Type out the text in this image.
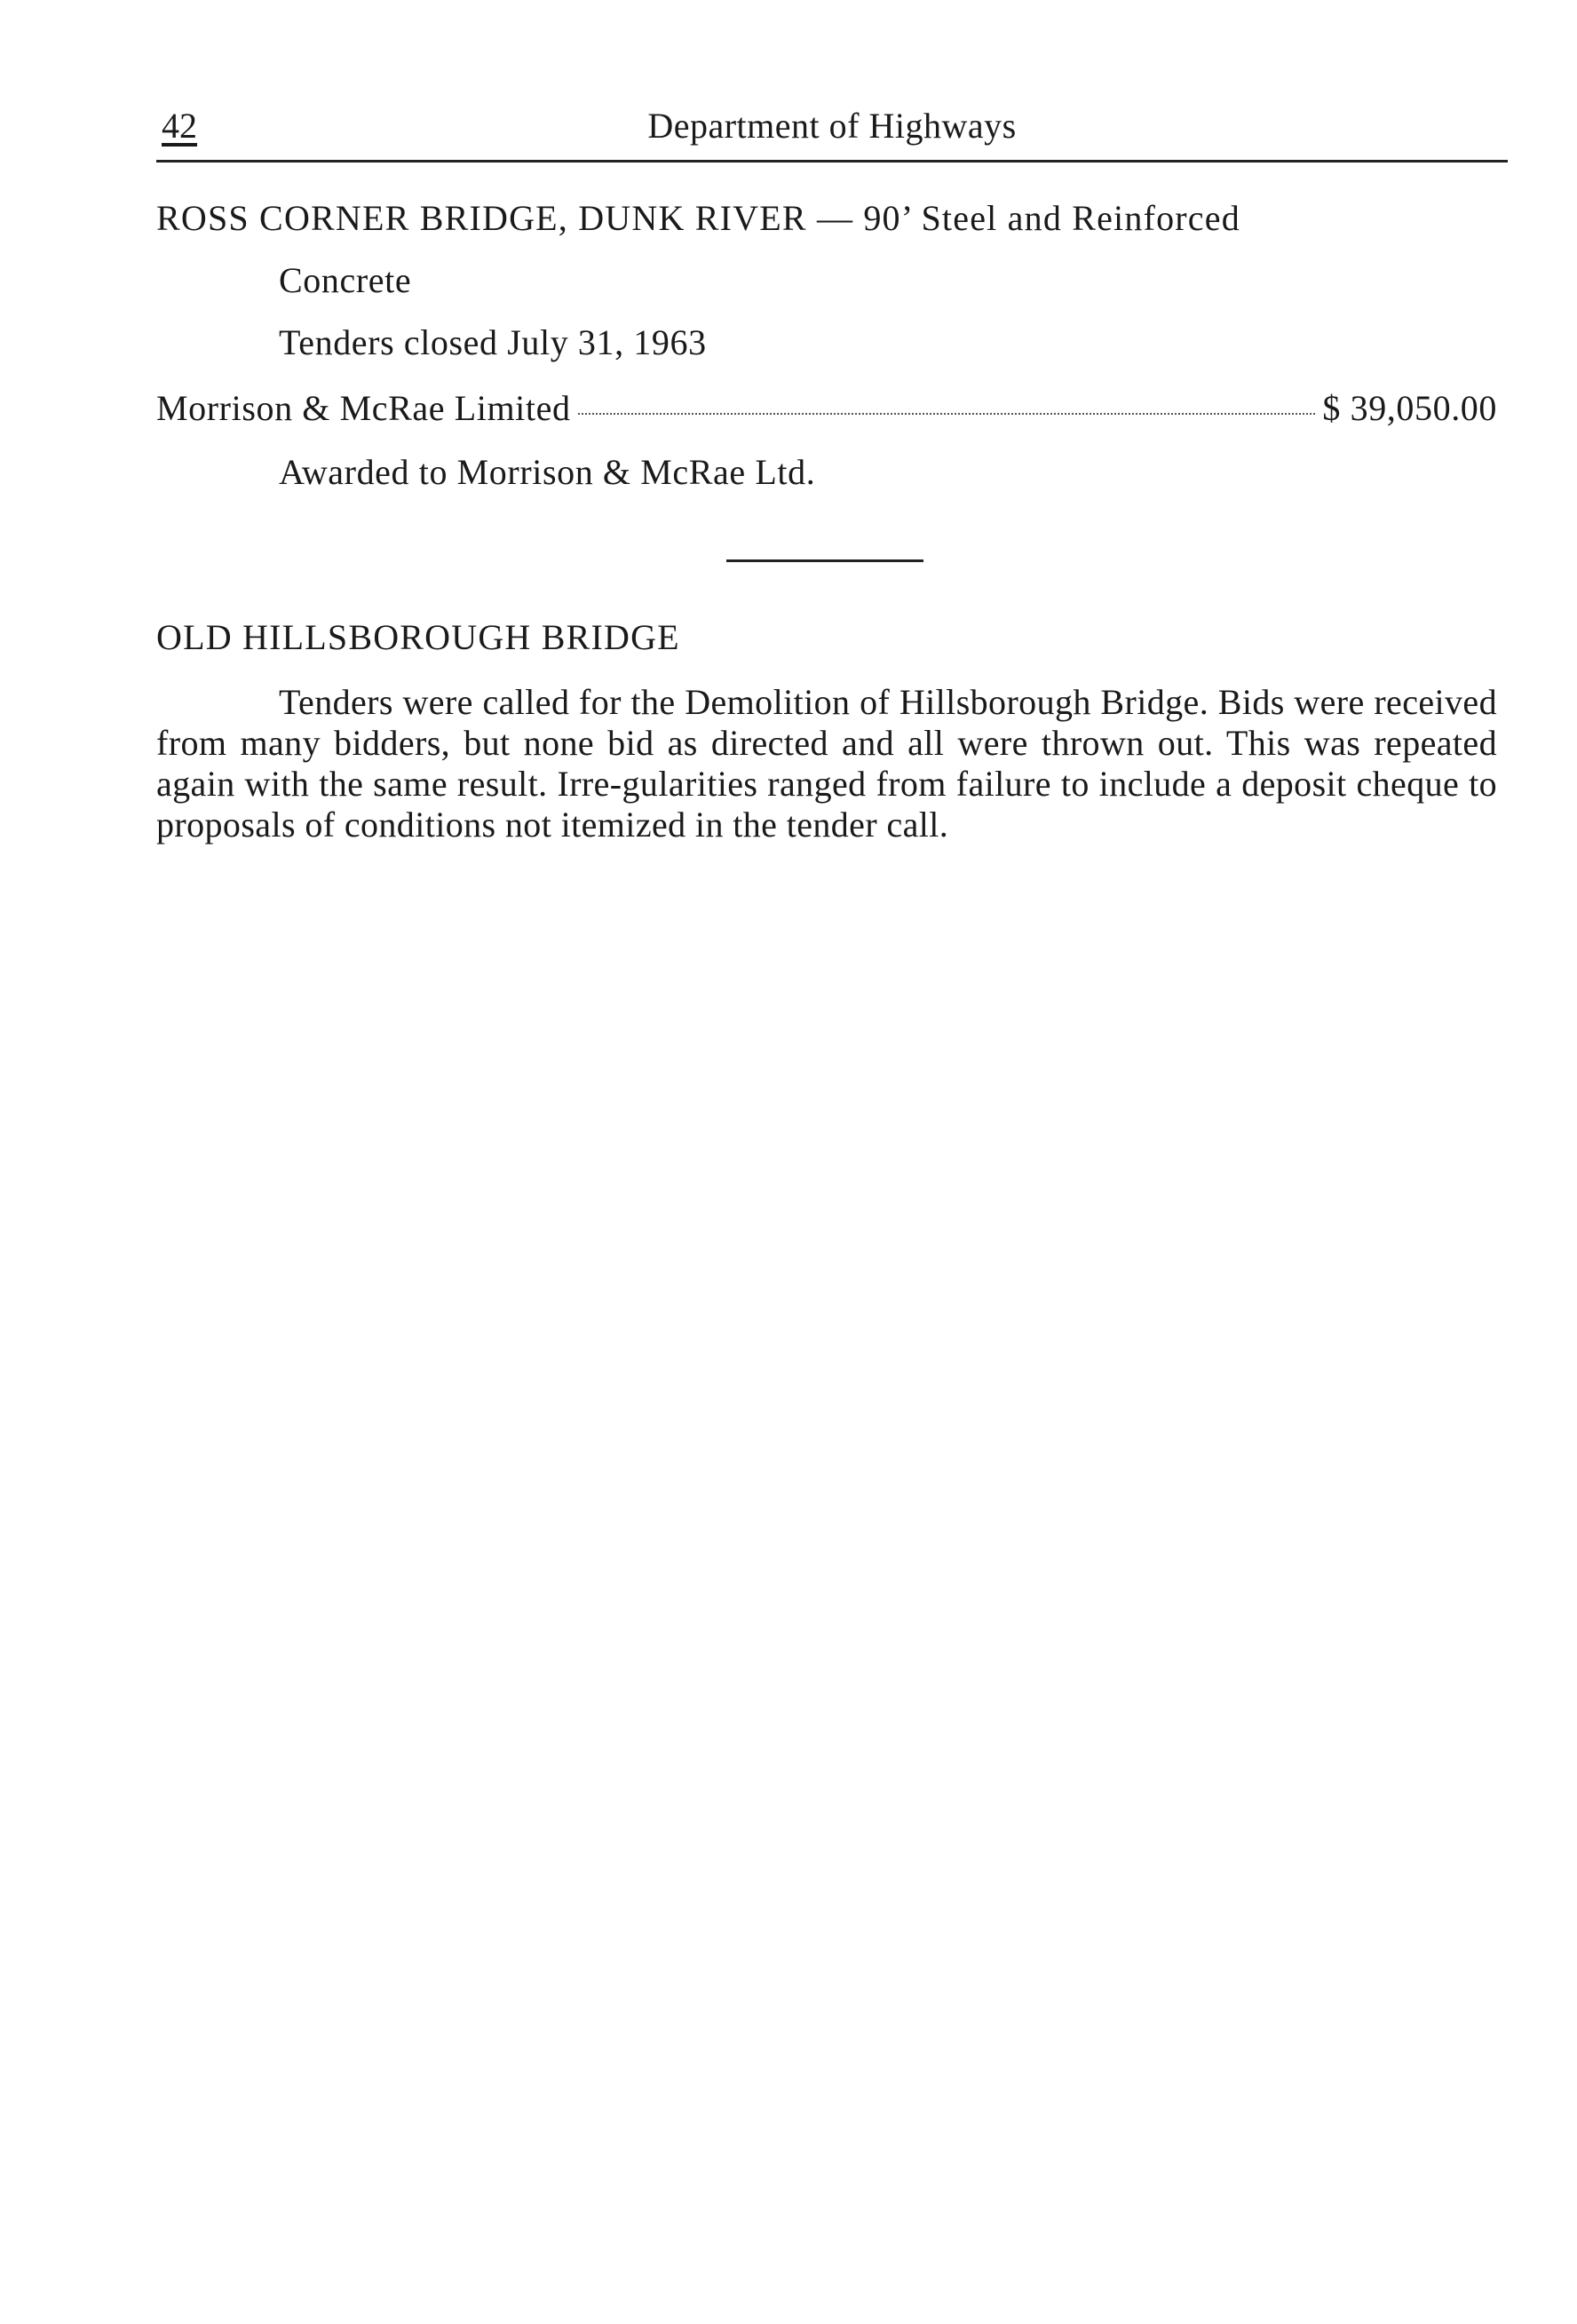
42	Department of Highways
ROSS CORNER BRIDGE, DUNK RIVER — 90’ Steel and Reinforced
Concrete
Tenders closed July 31, 1963
Morrison & McRae Limited	$ 39,050.00
Awarded to Morrison & McRae Ltd.
OLD HILLSBOROUGH BRIDGE
Tenders were called for the Demolition of Hillsborough Bridge. Bids were received from many bidders, but none bid as directed and all were thrown out. This was repeated again with the same result. Irre-gularities ranged from failure to include a deposit cheque to proposals of conditions not itemized in the tender call.
